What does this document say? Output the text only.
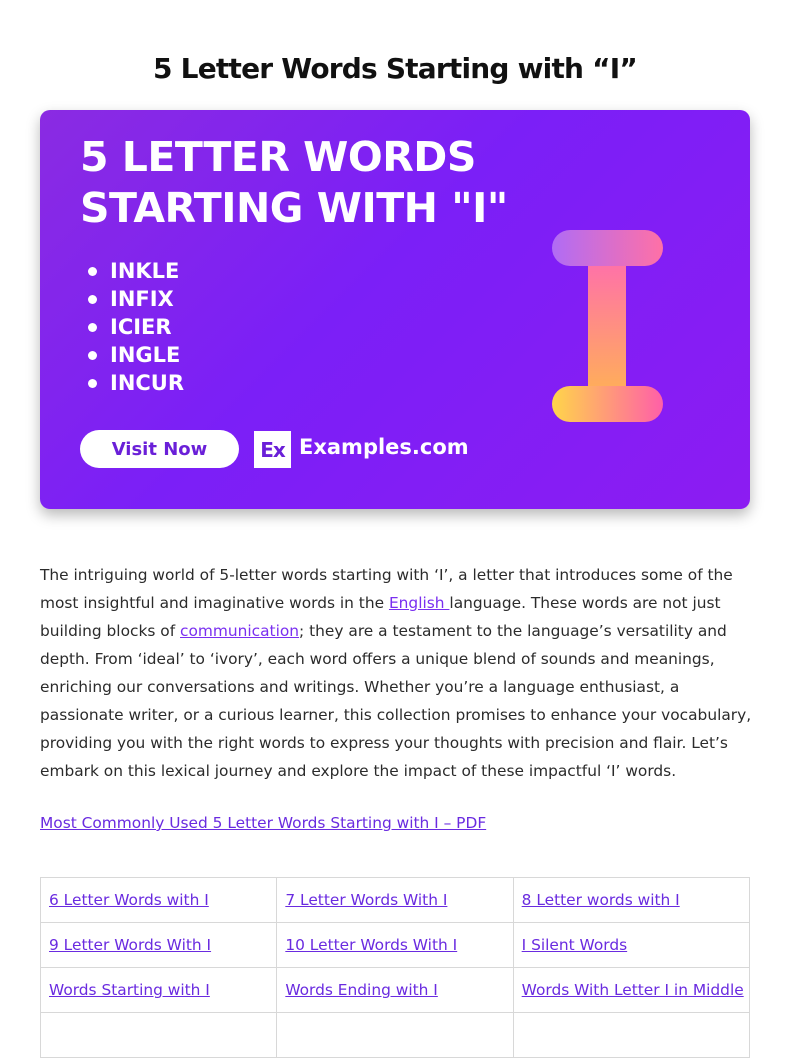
5 Letter Words Starting with “I”
5 LETTER WORDS
STARTING WITH "I"
INKLE
INFIX
ICIER
INGLE
INCUR
Visit Now	Ex Examples.com

The intriguing world of 5-letter words starting with ‘I’, a letter that introduces some of the most insightful and imaginative words in the English language. These words are not just building blocks of communication; they are a testament to the language’s versatility and depth. From ‘ideal’ to ‘ivory’, each word offers a unique blend of sounds and meanings, enriching our conversations and writings. Whether you’re a language enthusiast, a passionate writer, or a curious learner, this collection promises to enhance your vocabulary, providing you with the right words to express your thoughts with precision and flair. Let’s embark on this lexical journey and explore the impact of these impactful ‘I’ words.

Most Commonly Used 5 Letter Words Starting with I – PDF
6 Letter Words with I	7 Letter Words With I	8 Letter words with I
9 Letter Words With I	10 Letter Words With I	I Silent Words
Words Starting with I	Words Ending with I	Words With Letter I in Middle
